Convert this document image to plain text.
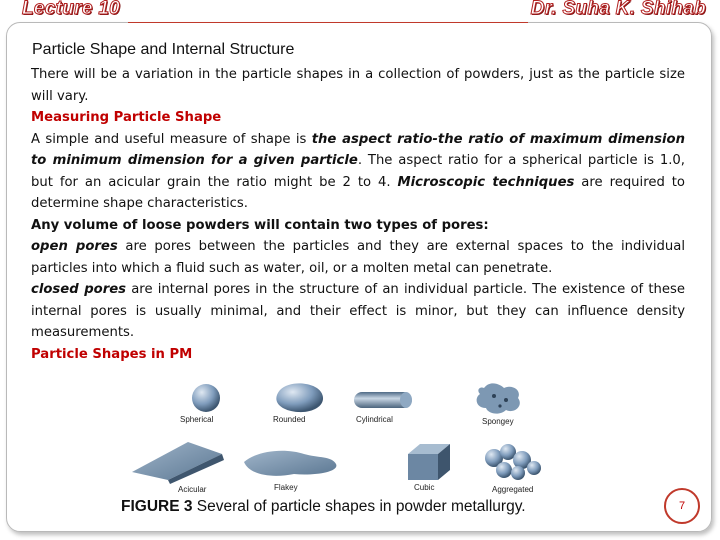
Lecture 10	Dr. Suha K. Shihab
Particle Shape and Internal Structure

There will be a variation in the particle shapes in a collection of powders, just as the particle size will vary.

Measuring Particle Shape

A simple and useful measure of shape is the aspect ratio-the ratio of maximum dimension to minimum dimension for a given particle. The aspect ratio for a spherical particle is 1.0, but for an acicular grain the ratio might be 2 to 4. Microscopic techniques are required to determine shape characteristics.

Any volume of loose powders will contain two types of pores:

open pores are pores between the particles and they are external spaces to the individual particles into which a fluid such as water, oil, or a molten metal can penetrate.

closed pores are internal pores in the structure of an individual particle. The existence of these internal pores is usually minimal, and their effect is minor, but they can influence density measurements.

Particle Shapes in PM

Spherical	Rounded	Cylindrical	Spongey
Acicular	Flakey	Cubic	Aggregated
FIGURE 3 Several of particle shapes in powder metallurgy.	7
